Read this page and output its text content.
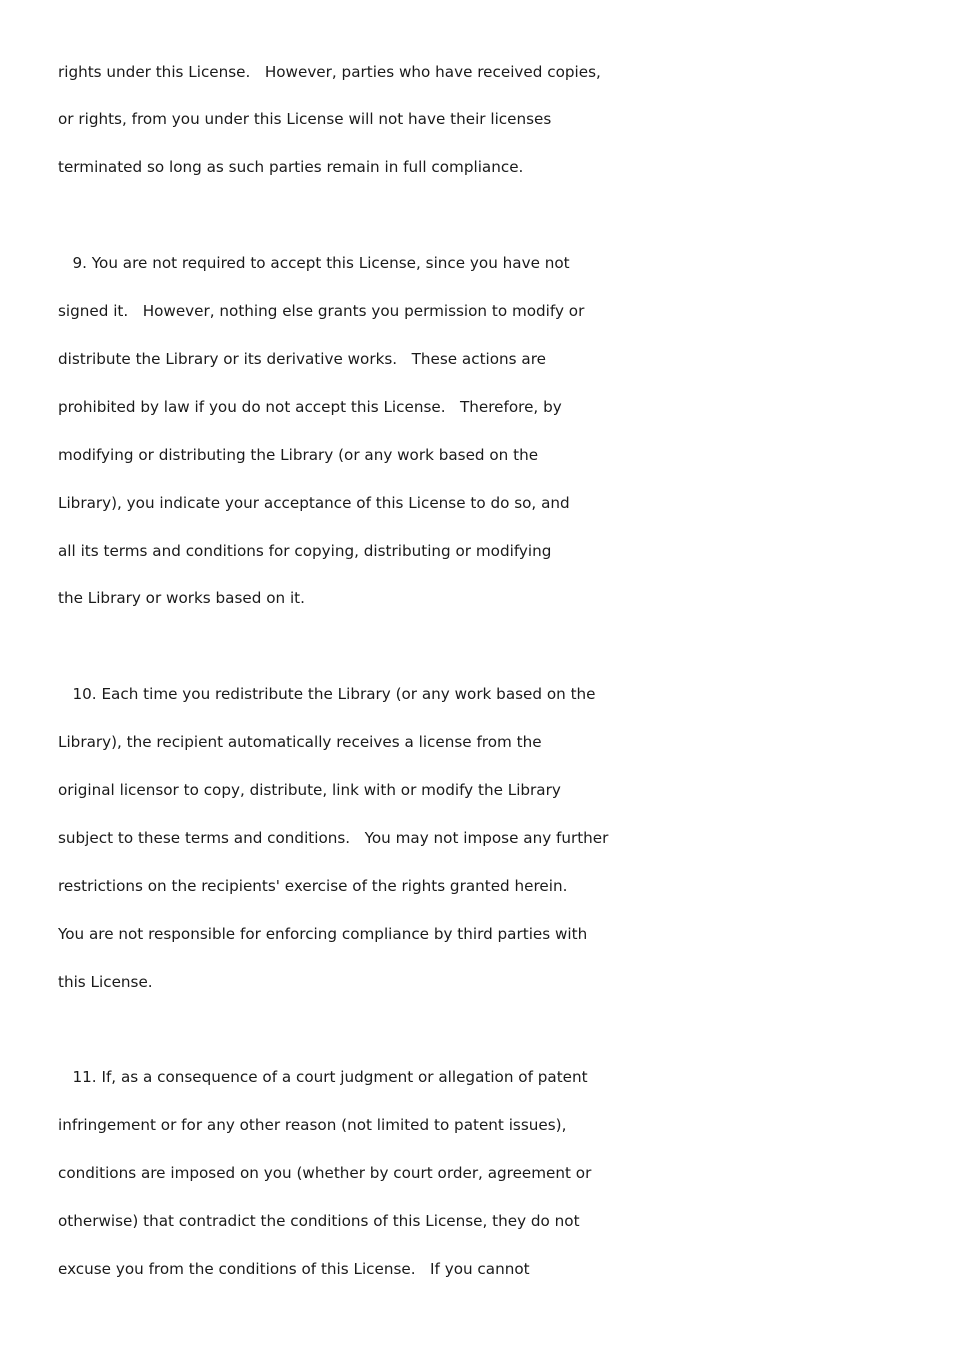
rights under this License.   However, parties who have received copies,
or rights, from you under this License will not have their licenses
terminated so long as such parties remain in full compliance.
9. You are not required to accept this License, since you have not
signed it.   However, nothing else grants you permission to modify or
distribute the Library or its derivative works.   These actions are
prohibited by law if you do not accept this License.   Therefore, by
modifying or distributing the Library (or any work based on the
Library), you indicate your acceptance of this License to do so, and
all its terms and conditions for copying, distributing or modifying
the Library or works based on it.
10. Each time you redistribute the Library (or any work based on the
Library), the recipient automatically receives a license from the
original licensor to copy, distribute, link with or modify the Library
subject to these terms and conditions.   You may not impose any further
restrictions on the recipients' exercise of the rights granted herein.
You are not responsible for enforcing compliance by third parties with
this License.
11. If, as a consequence of a court judgment or allegation of patent
infringement or for any other reason (not limited to patent issues),
conditions are imposed on you (whether by court order, agreement or
otherwise) that contradict the conditions of this License, they do not
excuse you from the conditions of this License.   If you cannot
